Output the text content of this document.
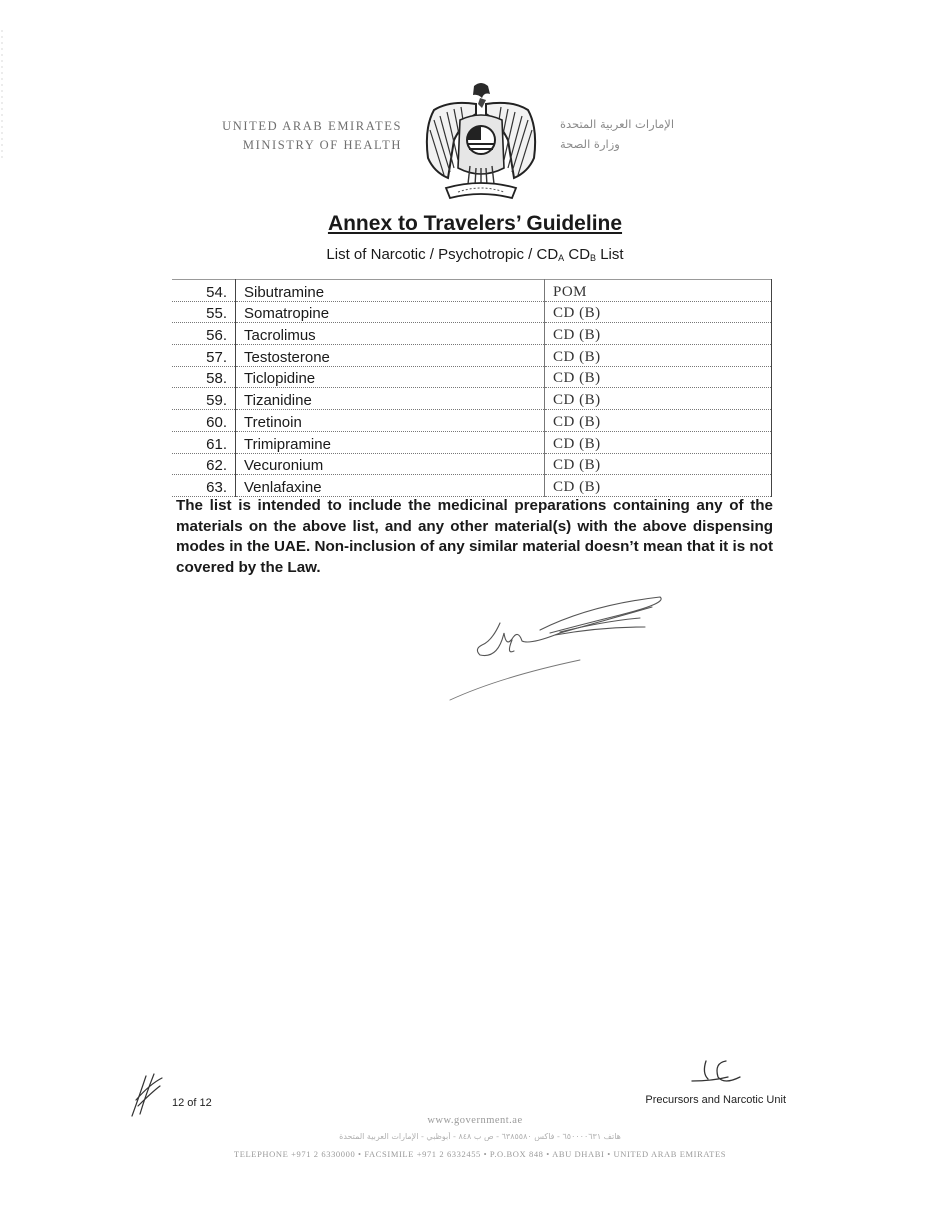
UNITED ARAB EMIRATES
MINISTRY OF HEALTH
الإمارات العربية المتحدة
وزارة الصحة
Annex to Travelers’ Guideline
List of Narcotic / Psychotropic / $CD_A$ $CD_B$ List
54.	Sibutramine	POM
55.	Somatropine	CD (B)
56.	Tacrolimus	CD (B)
57.	Testosterone	CD (B)
58.	Ticlopidine	CD (B)
59.	Tizanidine	CD (B)
60.	Tretinoin	CD (B)
61.	Trimipramine	CD (B)
62.	Vecuronium	CD (B)
63.	Venlafaxine	CD (B)
The list is intended to include the medicinal preparations containing any of the materials on the above list, and any other material(s) with the above dispensing modes in the UAE. Non-inclusion of any similar material doesn’t mean that it is not covered by the Law.
12 of 12	Precursors and Narcotic Unit
www.government.ae
هاتف ٦٥٠٠٠٠٦٣١ - فاكس ٦٣٨٥٥٨٠ - ص ب ٨٤٨ - أبوظبي - الإمارات العربية المتحدة
TELEPHONE +971 2 6330000 • FACSIMILE +971 2 6332455 • P.O.BOX 848 • ABU DHABI • UNITED ARAB EMIRATES
